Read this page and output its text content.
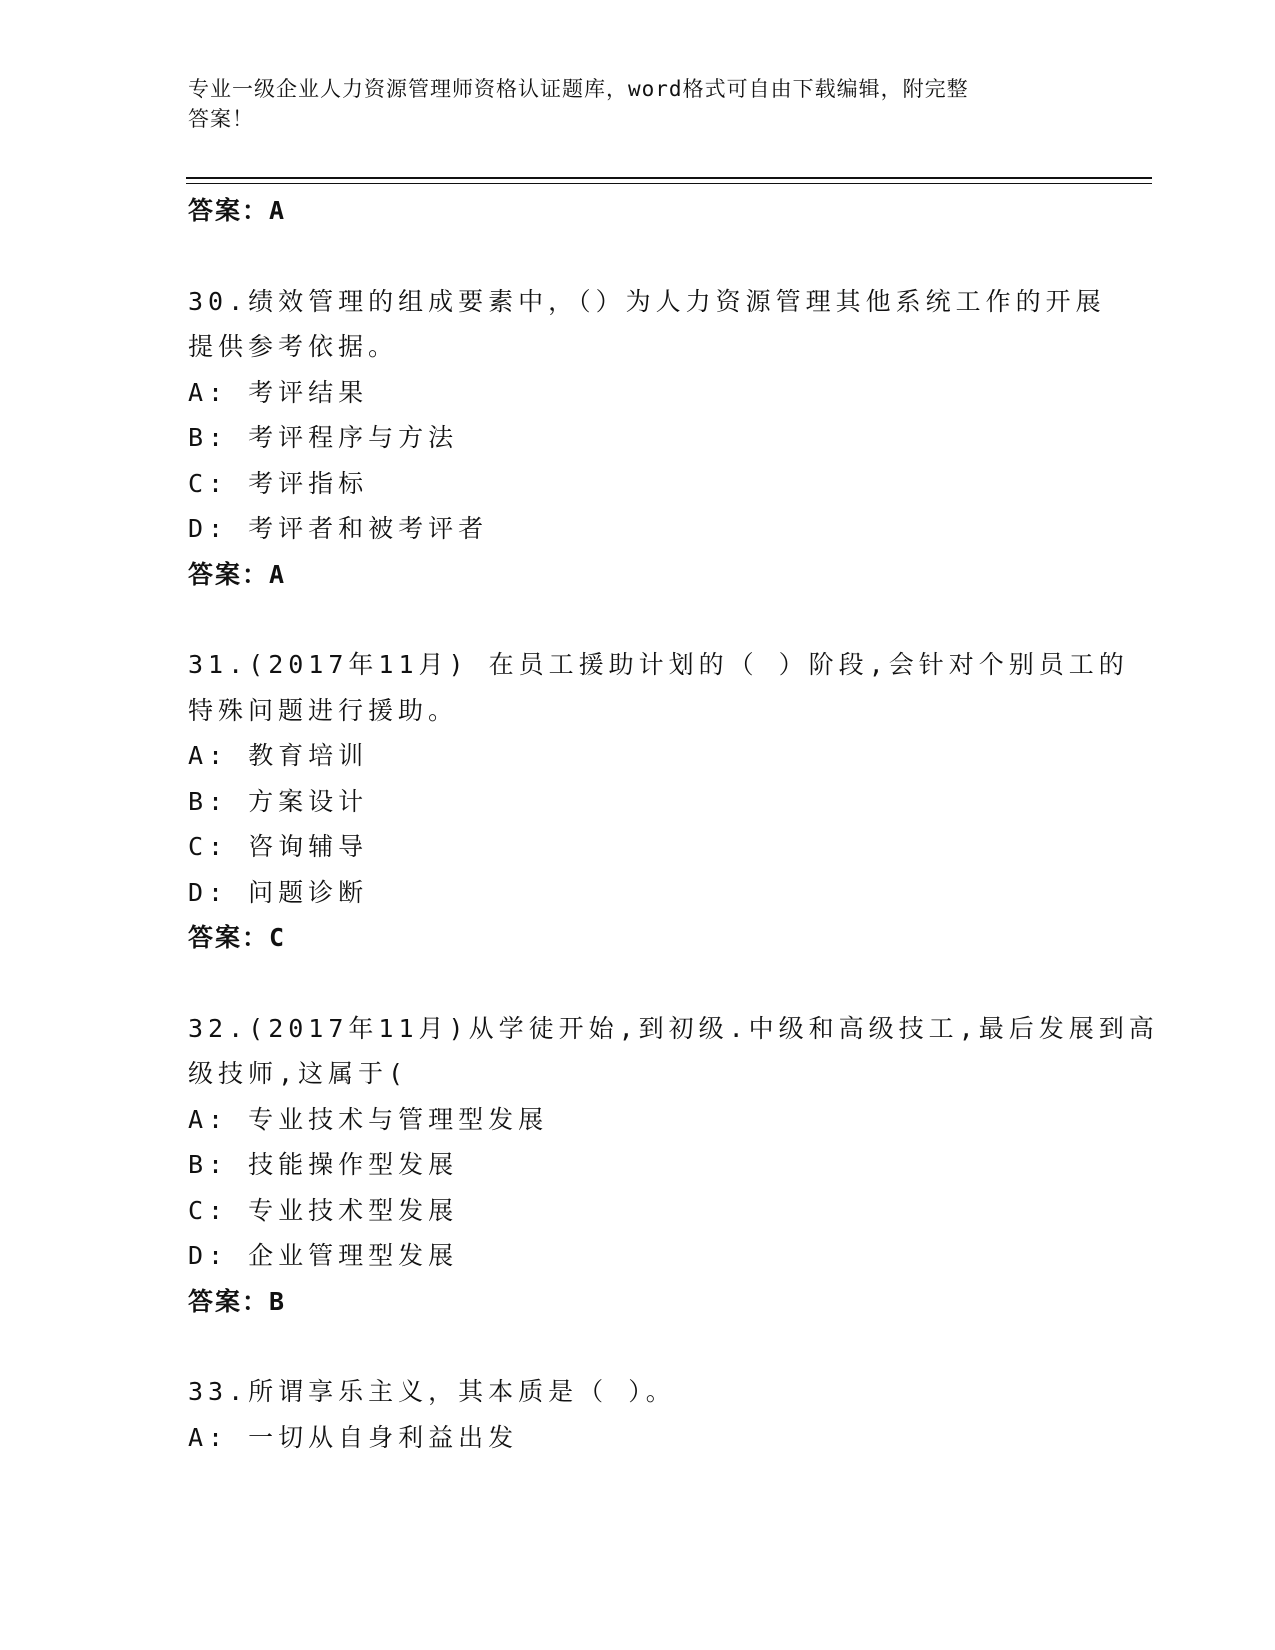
专业一级企业人力资源管理师资格认证题库，word格式可自由下载编辑，附完整
答案！
答案：A
30.绩效管理的组成要素中，（）为人力资源管理其他系统工作的开展
提供参考依据。
A: 考评结果
B: 考评程序与方法
C: 考评指标
D: 考评者和被考评者
答案：A
31.(2017年11月) 在员工援助计划的（ ）阶段,会针对个别员工的
特殊问题进行援助。
A: 教育培训
B: 方案设计
C: 咨询辅导
D: 问题诊断
答案：C
32.(2017年11月)从学徒开始,到初级.中级和高级技工,最后发展到高
级技师,这属于(
A: 专业技术与管理型发展
B: 技能操作型发展
C: 专业技术型发展
D: 企业管理型发展
答案：B
33.所谓享乐主义，其本质是（ ）。
A: 一切从自身利益出发
